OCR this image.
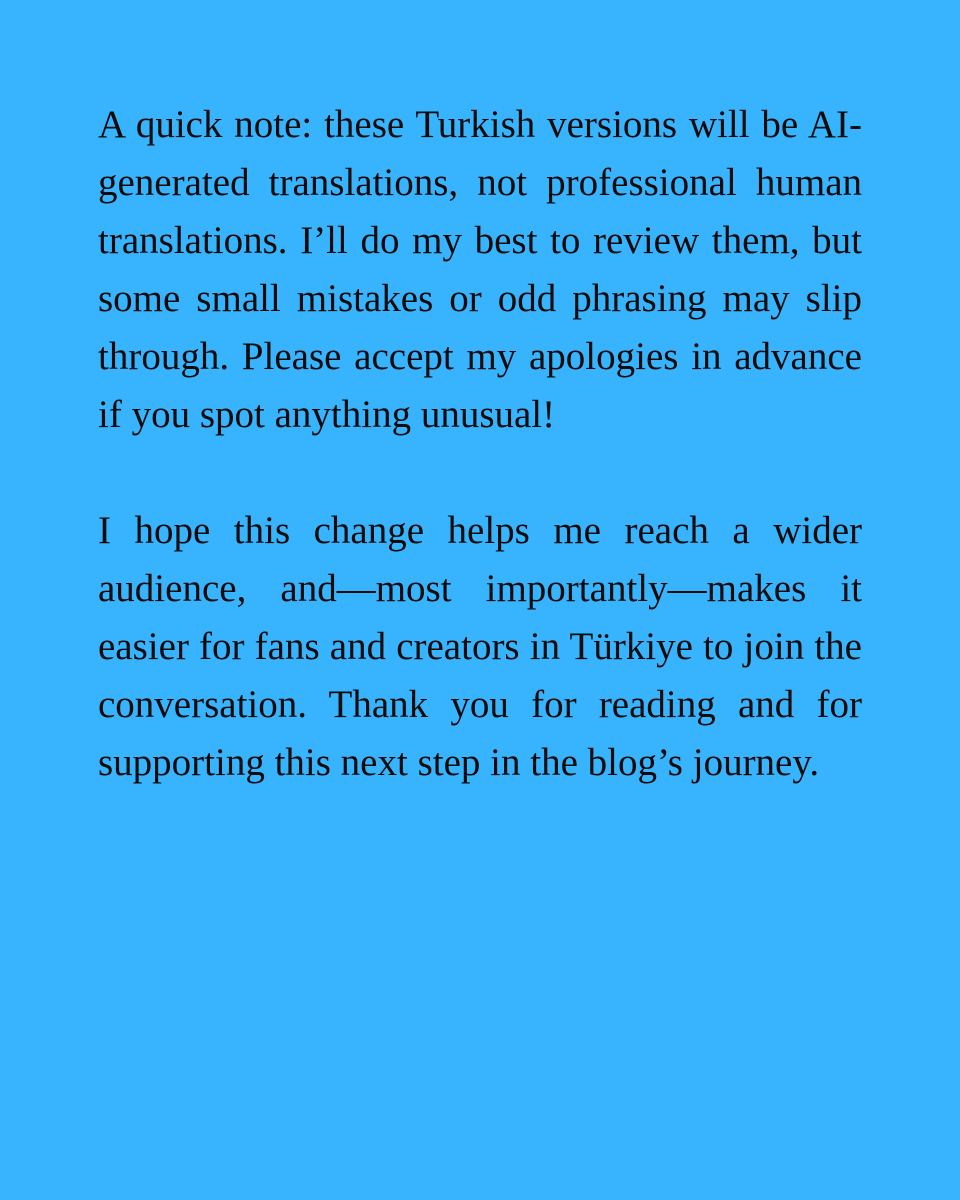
A quick note: these Turkish versions will be AI-generated translations, not professional human translations. I’ll do my best to review them, but some small mistakes or odd phrasing may slip through. Please accept my apologies in advance if you spot anything unusual!

I hope this change helps me reach a wider audience, and—most importantly—makes it easier for fans and creators in Türkiye to join the conversation. Thank you for reading and for supporting this next step in the blog’s journey.
